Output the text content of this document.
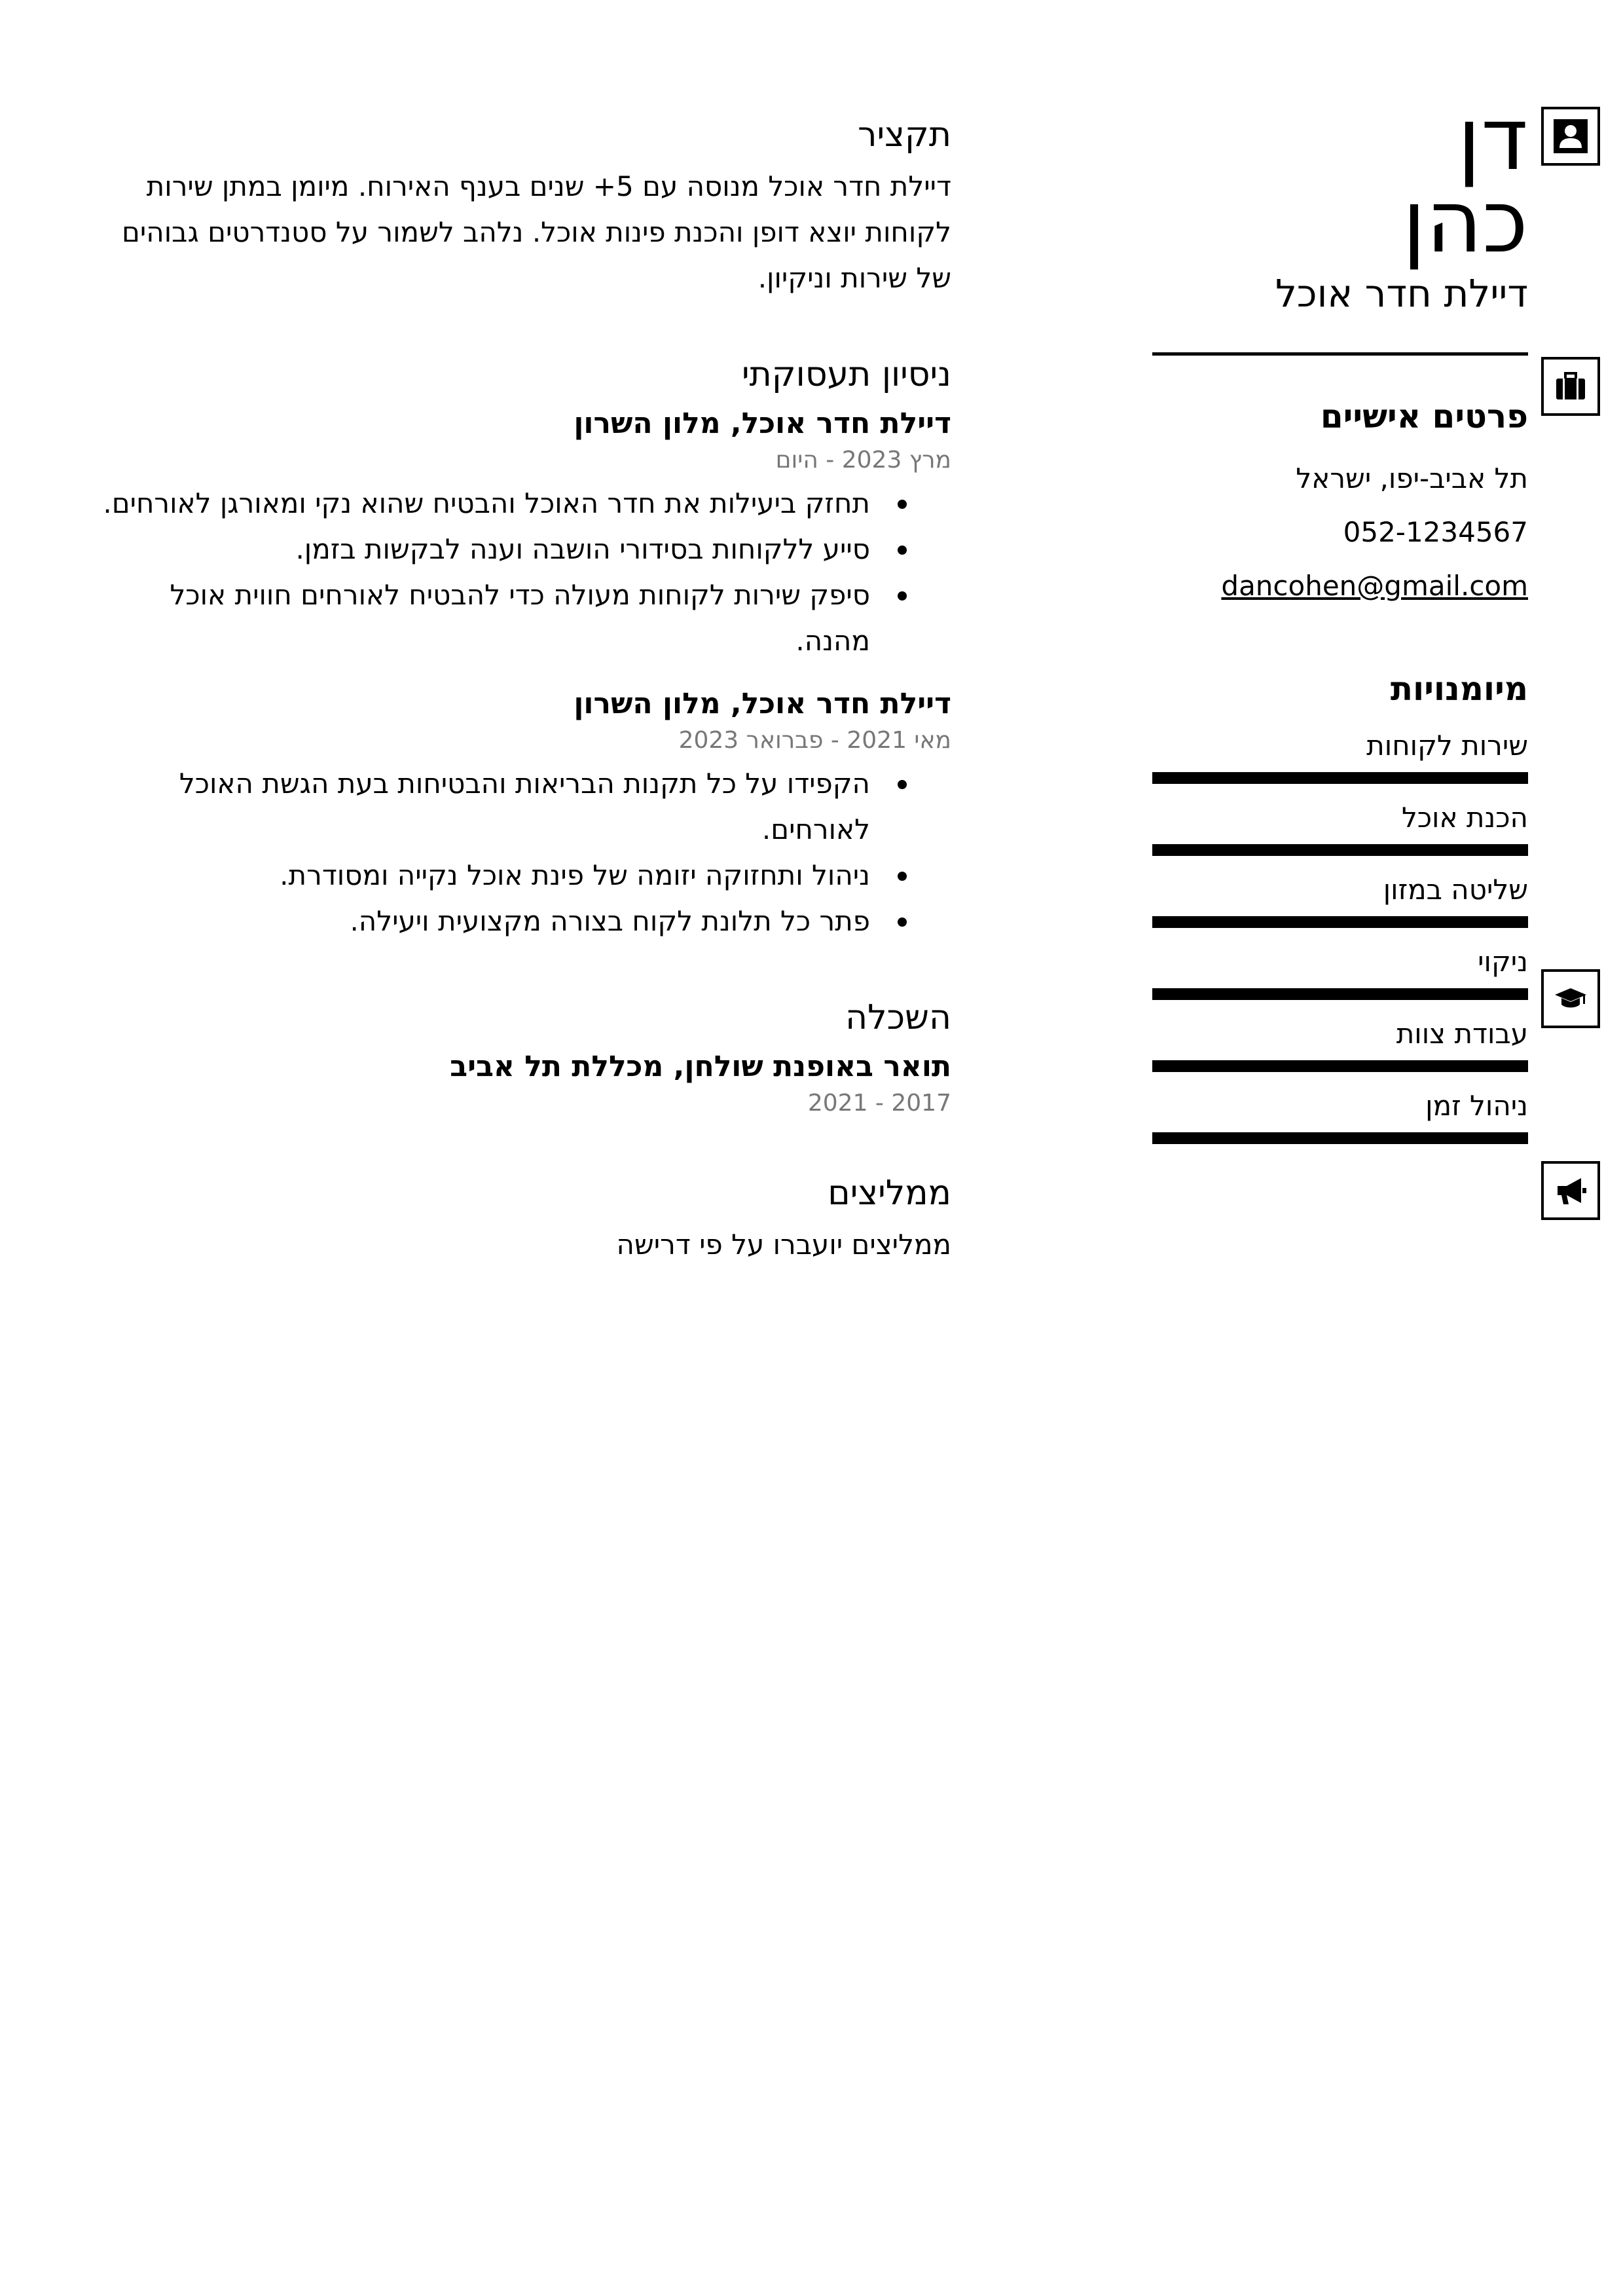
דן
כהן
דיילת חדר אוכל
פרטים אישיים
תל אביב-יפו, ישראל
052-1234567
dancohen@gmail.com
מיומנויות
שירות לקוחות
הכנת אוכל
שליטה במזון
ניקוי
עבודת צוות
ניהול זמן
תקציר
דיילת חדר אוכל מנוסה עם 5+ שנים בענף האירוח. מיומן במתן שירות לקוחות יוצא דופן והכנת פינות אוכל. נלהב לשמור על סטנדרטים גבוהים של שירות וניקיון.
ניסיון תעסוקתי
דיילת חדר אוכל, מלון השרון
מרץ 2023 - היום
תחזק ביעילות את חדר האוכל והבטיח שהוא נקי ומאורגן לאורחים.
סייע ללקוחות בסידורי הושבה וענה לבקשות בזמן.
סיפק שירות לקוחות מעולה כדי להבטיח לאורחים חווית אוכל מהנה.
דיילת חדר אוכל, מלון השרון
מאי 2021 - פברואר 2023
הקפידו על כל תקנות הבריאות והבטיחות בעת הגשת האוכל לאורחים.
ניהול ותחזוקה יזומה של פינת אוכל נקייה ומסודרת.
פתר כל תלונת לקוח בצורה מקצועית ויעילה.
השכלה
תואר באופנת שולחן, מכללת תל אביב
2017 - 2021
ממליצים
ממליצים יועברו על פי דרישה
